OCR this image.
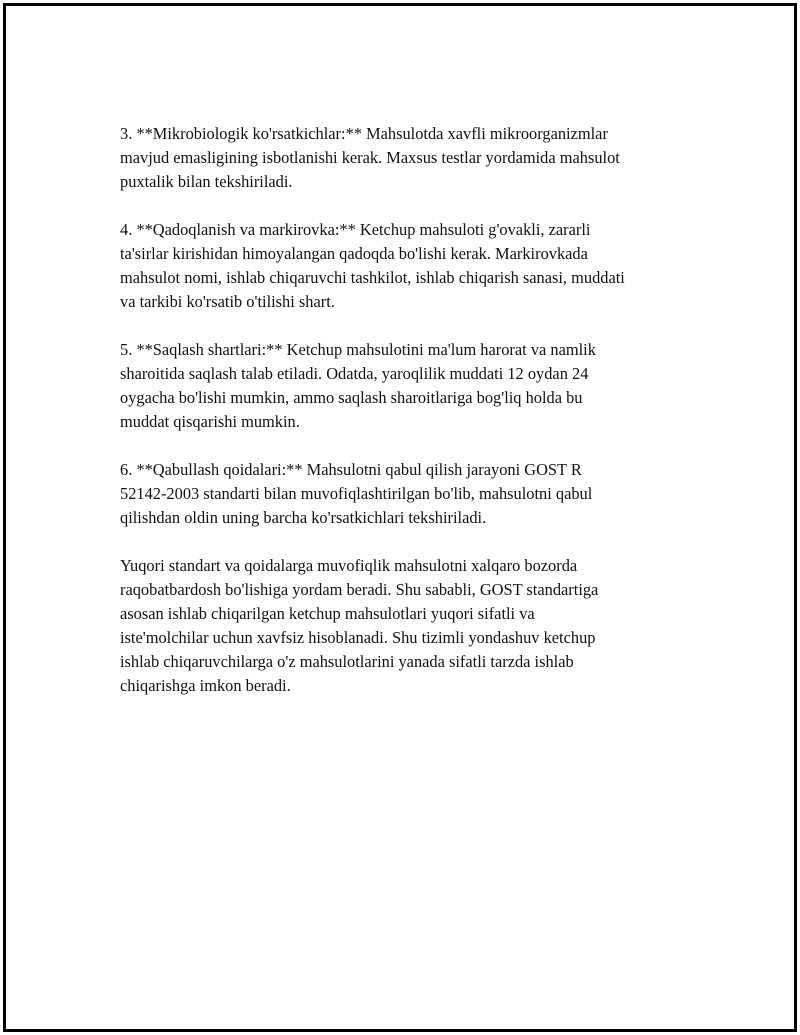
3. **Mikrobiologik ko'rsatkichlar:** Mahsulotda xavfli mikroorganizmlar
mavjud emasligining isbotlanishi kerak. Maxsus testlar yordamida mahsulot
puxtalik bilan tekshiriladi.

4. **Qadoqlanish va markirovka:** Ketchup mahsuloti g'ovakli, zararli
ta'sirlar kirishidan himoyalangan qadoqda bo'lishi kerak. Markirovkada
mahsulot nomi, ishlab chiqaruvchi tashkilot, ishlab chiqarish sanasi, muddati
va tarkibi ko'rsatib o'tilishi shart.

5. **Saqlash shartlari:** Ketchup mahsulotini ma'lum harorat va namlik
sharoitida saqlash talab etiladi. Odatda, yaroqlilik muddati 12 oydan 24
oygacha bo'lishi mumkin, ammo saqlash sharoitlariga bog'liq holda bu
muddat qisqarishi mumkin.

6. **Qabullash qoidalari:** Mahsulotni qabul qilish jarayoni GOST R
52142-2003 standarti bilan muvofiqlashtirilgan bo'lib, mahsulotni qabul
qilishdan oldin uning barcha ko'rsatkichlari tekshiriladi.

Yuqori standart va qoidalarga muvofiqlik mahsulotni xalqaro bozorda
raqobatbardosh bo'lishiga yordam beradi. Shu sababli, GOST standartiga
asosan ishlab chiqarilgan ketchup mahsulotlari yuqori sifatli va
iste'molchilar uchun xavfsiz hisoblanadi. Shu tizimli yondashuv ketchup
ishlab chiqaruvchilarga o'z mahsulotlarini yanada sifatli tarzda ishlab
chiqarishga imkon beradi.
